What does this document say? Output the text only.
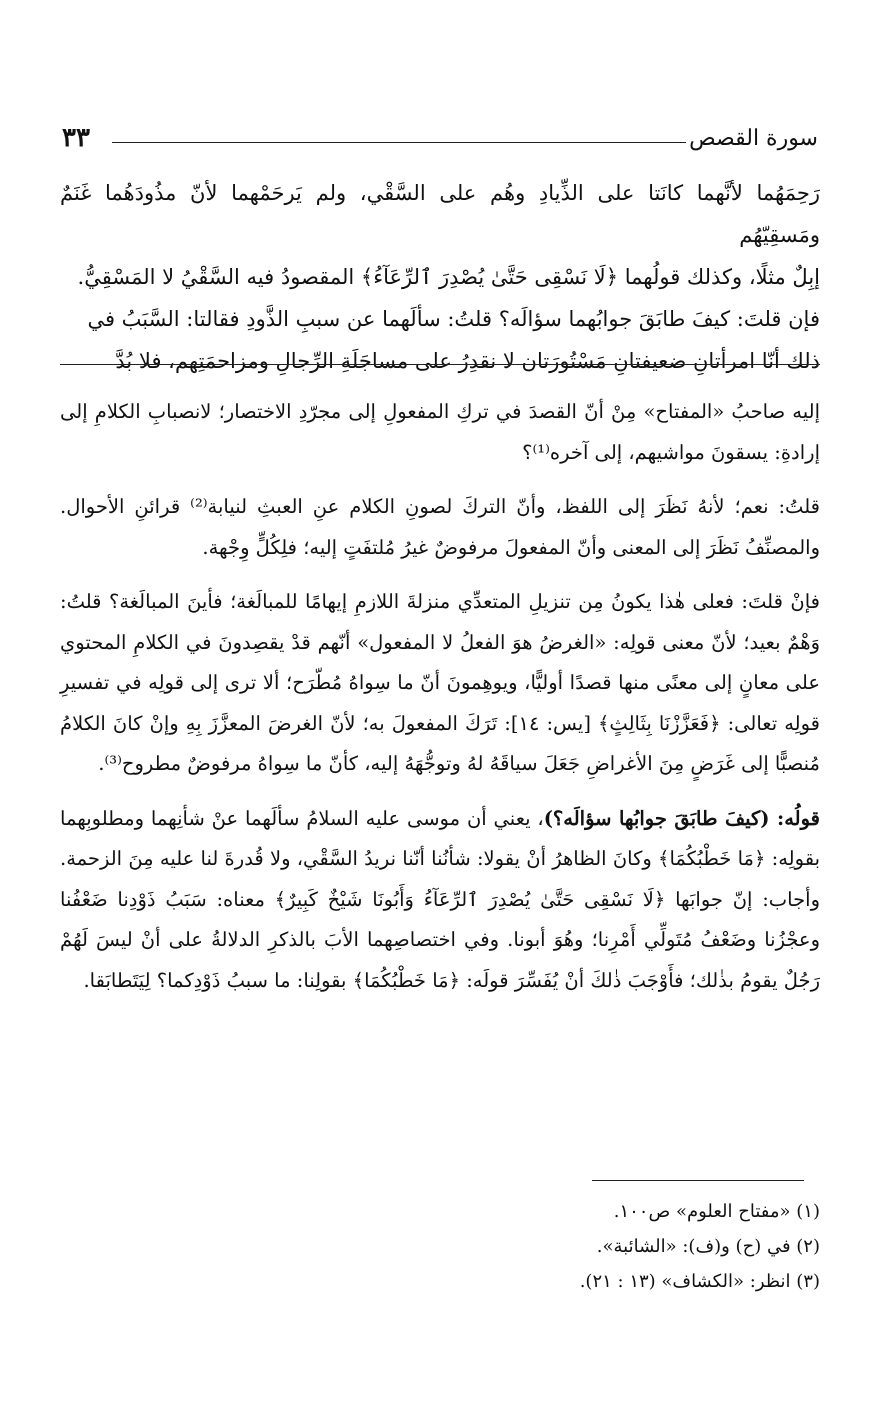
٣٣	سورة القصص

رَحِمَهُما لأنَّهما كانَتا على الذِّيادِ وهُم على السَّقْي، ولم يَرحَمْهما لأنّ مذُودَهُما غَنَمٌ ومَسقِيّهُم

إبِلٌ مثلًا، وكذلك قولُهما ﴿لَا نَسْقِى حَتَّىٰ يُصْدِرَ ٱلرِّعَآءُ﴾ المقصودُ فيه السَّقْيُ لا المَسْقِيُّ.

فإن قلتَ: كيفَ طابَقَ جوابُهما سؤالَه؟ قلتُ: سألَهما عن سببِ الذَّودِ فقالتا: السَّبَبُ في

ذلك أنّا امرأتانِ ضعيفتانِ مَسْتُورَتان لا نقدِرُ على مساجَلَةِ الرِّجالِ ومزاحمَتِهم، فلا بُدَّ

إليه صاحبُ «المفتاح» مِنْ أنّ القصدَ في تركِ المفعولِ إلى مجرّدِ الاختصار؛ لانصبابِ الكلامِ إلى إرادةِ: يسقونَ مواشيهم، إلى آخره⁽¹⁾؟

قلتُ: نعم؛ لأنهُ نَظَرَ إلى اللفظ، وأنّ التركَ لصونِ الكلام عنِ العبثِ لنيابة⁽²⁾ قرائنِ الأحوال. والمصنِّفُ نَظَرَ إلى المعنى وأنّ المفعولَ مرفوضٌ غيرُ مُلتفَتٍ إليه؛ فلِكُلٍّ وِجْهة.

فإنْ قلتَ: فعلى هٰذا يكونُ مِن تنزيلِ المتعدِّي منزلةَ اللازمِ إيهامًا للمبالَغة؛ فأينَ المبالَغة؟ قلتُ: وَهْمٌ بعيد؛ لأنّ معنى قولِه: «الغرضُ هوَ الفعلُ لا المفعول» أنّهم قدْ يقصِدونَ في الكلامِ المحتوي على معانٍ إلى معنًى منها قصدًا أوليًّا، ويوهِمونَ أنّ ما سِواهُ مُطّرَح؛ ألا ترى إلى قولِه في تفسيرِ قولِه تعالى: ﴿فَعَزَّزْنَا بِثَالِثٍ﴾ [يس: ١٤]: تَرَكَ المفعولَ به؛ لأنّ الغرضَ المعزَّزَ بِهِ وإنْ كانَ الكلامُ مُنصبًّا إلى غَرَضٍ مِنَ الأغراضِ جَعَلَ سياقَهُ لهُ وتوجُّهَهُ إليه، كأنّ ما سِواهُ مرفوضٌ مطروح⁽³⁾.

قولُه: (كيفَ طابَقَ جوابُها سؤالَه؟)، يعني أن موسى عليه السلامُ سألَهما عنْ شأنِهما ومطلوبِهما بقولِه: ﴿مَا خَطْبُكُمَا﴾ وكانَ الظاهرُ أنْ يقولا: شأنُنا أنّنا نريدُ السَّقْي، ولا قُدرةَ لنا عليه مِنَ الزحمة. وأجاب: إنّ جوابَها ﴿لَا نَسْقِى حَتَّىٰ يُصْدِرَ ٱلرِّعَآءُ وَأَبُونَا شَيْخٌ كَبِيرٌ﴾ معناه: سَبَبُ ذَوْدِنا ضَعْفُنا وعجْزُنا وضَعْفُ مُتَولِّي أَمْرِنا؛ وهُوَ أبونا. وفي اختصاصِهما الأبَ بالذكرِ الدلالةُ على أنْ ليسَ لَهُمْ رَجُلٌ يقومُ بذٰلك؛ فأَوْجَبَ ذٰلكَ أنْ يُفَسِّرَ قولَه: ﴿مَا خَطْبُكُمَا﴾ بقولِنا: ما سببُ ذَوْدِكما؟ لِيَتَطابَقا.

(١) «مفتاح العلوم» ص١٠٠.
(٢) في (ح) و(ف): «الشائبة».
(٣) انظر: «الكشاف» (١٣ : ٢١).
